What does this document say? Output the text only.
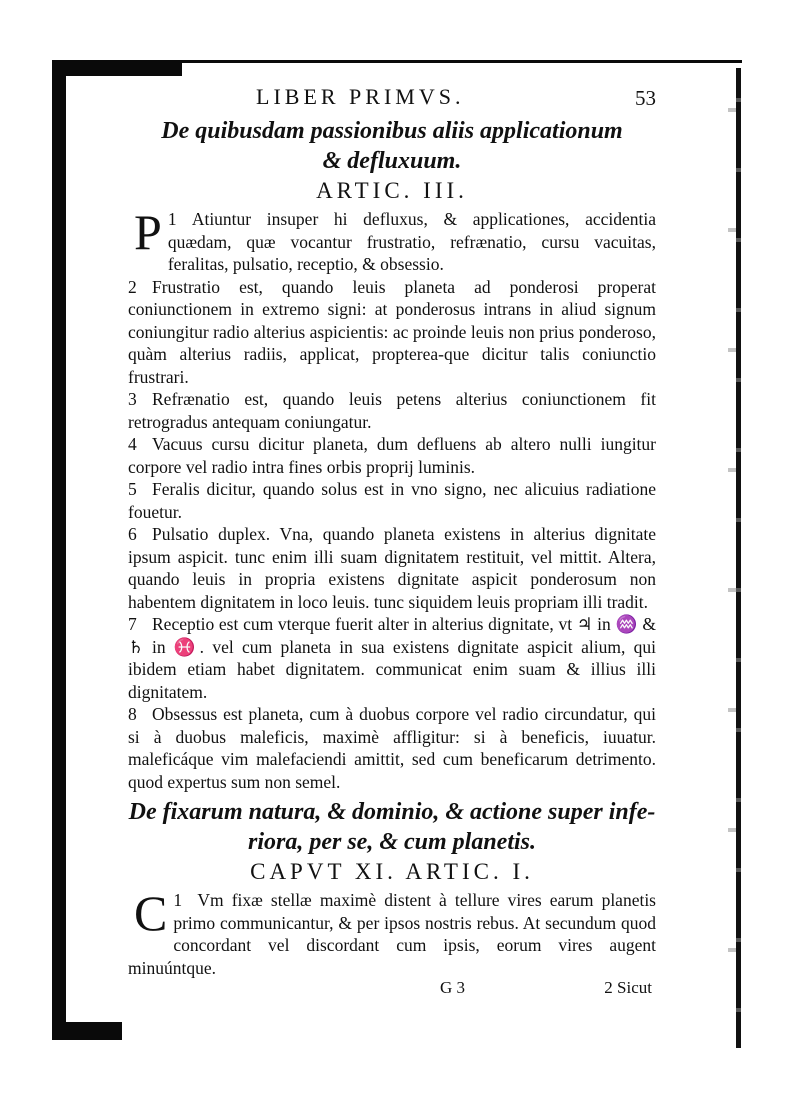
LIBER PRIMVS.	53
De quibusdam passionibus aliis applicationum
& defluxuum.
ARTIC. III.
1
P Atiuntur insuper hi defluxus, & applicationes, accidentia quædam, quæ vocantur frustratio, refrænatio, cursu vacuitas, feralitas, pulsatio, receptio, & obsessio.
2 Frustratio est, quando leuis planeta ad ponderosi properat coniunctionem in extremo signi: at ponderosus intrans in aliud signum coniungitur radio alterius aspicientis: ac proinde leuis non prius ponderoso, quàm alterius radiis, applicat, propterea-que dicitur talis coniunctio frustrari.
3 Refrænatio est, quando leuis petens alterius coniunctionem fit retrogradus antequam coniungatur.
4 Vacuus cursu dicitur planeta, dum defluens ab altero nulli iungitur corpore vel radio intra fines orbis proprij luminis.
5 Feralis dicitur, quando solus est in vno signo, nec alicuius radiatione fouetur.
6 Pulsatio duplex. Vna, quando planeta existens in alterius dignitate ipsum aspicit. tunc enim illi suam dignitatem restituit, vel mittit. Altera, quando leuis in propria existens dignitate aspicit ponderosum non habentem dignitatem in loco leuis. tunc siquidem leuis propriam illi tradit.
7 Receptio est cum vterque fuerit alter in alterius dignitate, vt ♃ in ♒ & ♄ in ♓. vel cum planeta in sua existens dignitate aspicit alium, qui ibidem etiam habet dignitatem. communicat enim suam & illius illi dignitatem.
8 Obsessus est planeta, cum à duobus corpore vel radio circundatur, qui si à duobus maleficis, maximè affligitur: si à beneficis, iuuatur. maleficáque vim malefaciendi amittit, sed cum beneficarum detrimento. quod expertus sum non semel.
De fixarum natura, & dominio, & actione super infe-
riora, per se, & cum planetis.
CAPVT XI. ARTIC. I.
1
C Vm fixæ stellæ maximè distent à tellure vires earum planetis primo communicantur, & per ipsos nostris rebus. At secundum quod concordant vel discordant cum ipsis, eorum vires augent minuúntque.
G 3	2 Sicut
